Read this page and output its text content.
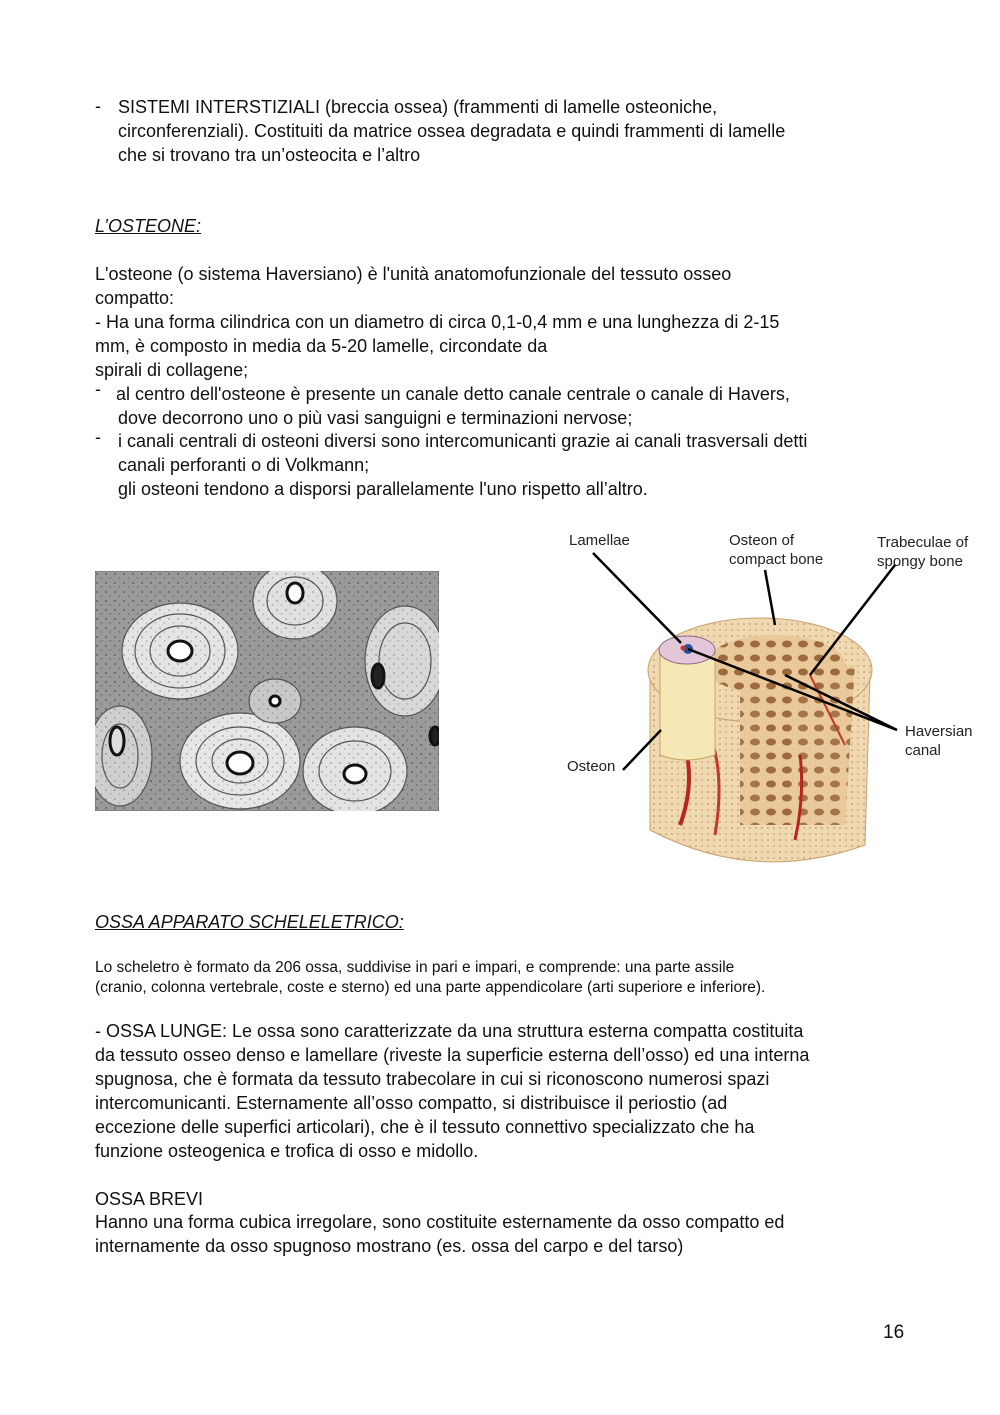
- SISTEMI INTERSTIZIALI (breccia ossea) (frammenti di lamelle osteoniche,
circonferenziali). Costituiti da matrice ossea degradata e quindi frammenti di lamelle
che si trovano tra un’osteocita e l’altro
L’OSTEONE:
L'osteone (o sistema Haversiano) è l'unità anatomofunzionale del tessuto osseo
compatto:
- Ha una forma cilindrica con un diametro di circa 0,1-0,4 mm e una lunghezza di 2-15
mm, è composto in media da 5-20 lamelle, circondate da
spirali di collagene;
- al centro dell'osteone è presente un canale detto canale centrale o canale di Havers,
dove decorrono uno o più vasi sanguigni e terminazioni nervose;
- i canali centrali di osteoni diversi sono intercomunicanti grazie ai canali trasversali detti
canali perforanti o di Volkmann;
gli osteoni tendono a disporsi parallelamente l'uno rispetto all’altro.
Lamellae	Osteon of
compact bone
Trabeculae of
spongy bone
Haversian
canal
Osteon
OSSA APPARATO SCHELELETRICO:
Lo scheletro è formato da 206 ossa, suddivise in pari e impari, e comprende: una parte assile
(cranio, colonna vertebrale, coste e sterno) ed una parte appendicolare (arti superiore e inferiore).
- OSSA LUNGE: Le ossa sono caratterizzate da una struttura esterna compatta costituita
da tessuto osseo denso e lamellare (riveste la superficie esterna dell’osso) ed una interna
spugnosa, che è formata da tessuto trabecolare in cui si riconoscono numerosi spazi
intercomunicanti. Esternamente all’osso compatto, si distribuisce il periostio (ad
eccezione delle superfici articolari), che è il tessuto connettivo specializzato che ha
funzione osteogenica e trofica di osso e midollo.
OSSA BREVI
Hanno una forma cubica irregolare, sono costituite esternamente da osso compatto ed
internamente da osso spugnoso mostrano (es. ossa del carpo e del tarso)
16
